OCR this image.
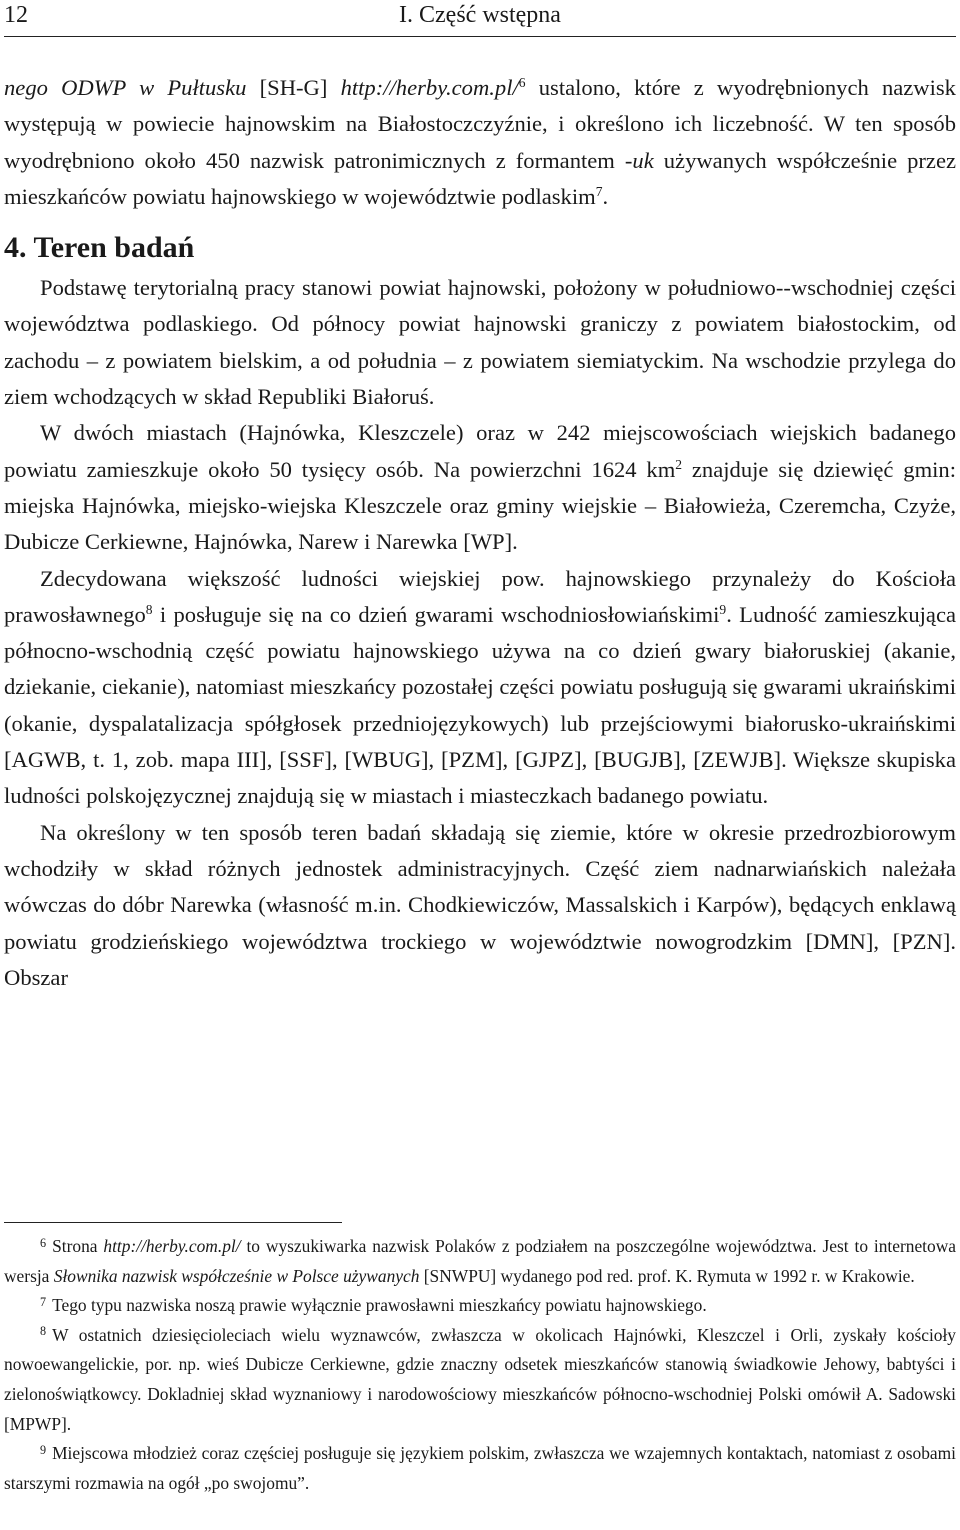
12	I. Część wstępna

nego ODWP w Pułtusku [SH-G] http://herby.com.pl/$^6$ ustalono, które z wyodrębnionych nazwisk występują w powiecie hajnowskim na Białostoczczyźnie, i określono ich liczebność. W ten sposób wyodrębniono około 450 nazwisk patronimicznych z formantem -uk używanych współcześnie przez mieszkańców powiatu hajnowskiego w województwie podlaskim$^7$.

4. Teren badań

Podstawę terytorialną pracy stanowi powiat hajnowski, położony w południowo--wschodniej części województwa podlaskiego. Od północy powiat hajnowski graniczy z powiatem białostockim, od zachodu – z powiatem bielskim, a od południa – z powiatem siemiatyckim. Na wschodzie przylega do ziem wchodzących w skład Republiki Białoruś.

W dwóch miastach (Hajnówka, Kleszczele) oraz w 242 miejscowościach wiejskich badanego powiatu zamieszkuje około 50 tysięcy osób. Na powierzchni 1624 $km^2$ znajduje się dziewięć gmin: miejska Hajnówka, miejsko-wiejska Kleszczele oraz gminy wiejskie – Białowieża, Czeremcha, Czyże, Dubicze Cerkiewne, Hajnówka, Narew i Narewka [WP].

Zdecydowana większość ludności wiejskiej pow. hajnowskiego przynależy do Kościoła prawosławnego$^8$ i posługuje się na co dzień gwarami wschodniosłowiańskimi$^9$. Ludność zamieszkująca północno-wschodnią część powiatu hajnowskiego używa na co dzień gwary białoruskiej (akanie, dziekanie, ciekanie), natomiast mieszkańcy pozostałej części powiatu posługują się gwarami ukraińskimi (okanie, dyspalatalizacja spółgłosek przedniojęzykowych) lub przejściowymi białorusko-ukraińskimi [AGWB, t. 1, zob. mapa III], [SSF], [WBUG], [PZM], [GJPZ], [BUGJB], [ZEWJB]. Większe skupiska ludności polskojęzycznej znajdują się w miastach i miasteczkach badanego powiatu.

Na określony w ten sposób teren badań składają się ziemie, które w okresie przedrozbiorowym wchodziły w skład różnych jednostek administracyjnych. Część ziem nadnarwiańskich należała wówczas do dóbr Narewka (własność m.in. Chodkiewiczów, Massalskich i Karpów), będących enklawą powiatu grodzieńskiego województwa trockiego w województwie nowogrodzkim [DMN], [PZN]. Obszar

$^6$ Strona http://herby.com.pl/ to wyszukiwarka nazwisk Polaków z podziałem na poszczególne województwa. Jest to internetowa wersja Słownika nazwisk współcześnie w Polsce używanych [SNWPU] wydanego pod red. prof. K. Rymuta w 1992 r. w Krakowie.

$^7$ Tego typu nazwiska noszą prawie wyłącznie prawosławni mieszkańcy powiatu hajnowskiego.

$^8$ W ostatnich dziesięcioleciach wielu wyznawców, zwłaszcza w okolicach Hajnówki, Kleszczel i Orli, zyskały kościoły nowoewangelickie, por. np. wieś Dubicze Cerkiewne, gdzie znaczny odsetek mieszkańców stanowią świadkowie Jehowy, babtyści i zielonoświątkowcy. Dokladniej skład wyznaniowy i narodowościowy mieszkańców północno-wschodniej Polski omówił A. Sadowski [MPWP].

$^9$ Miejscowa młodzież coraz częściej posługuje się językiem polskim, zwłaszcza we wzajemnych kontaktach, natomiast z osobami starszymi rozmawia na ogół „po swojomu”.
